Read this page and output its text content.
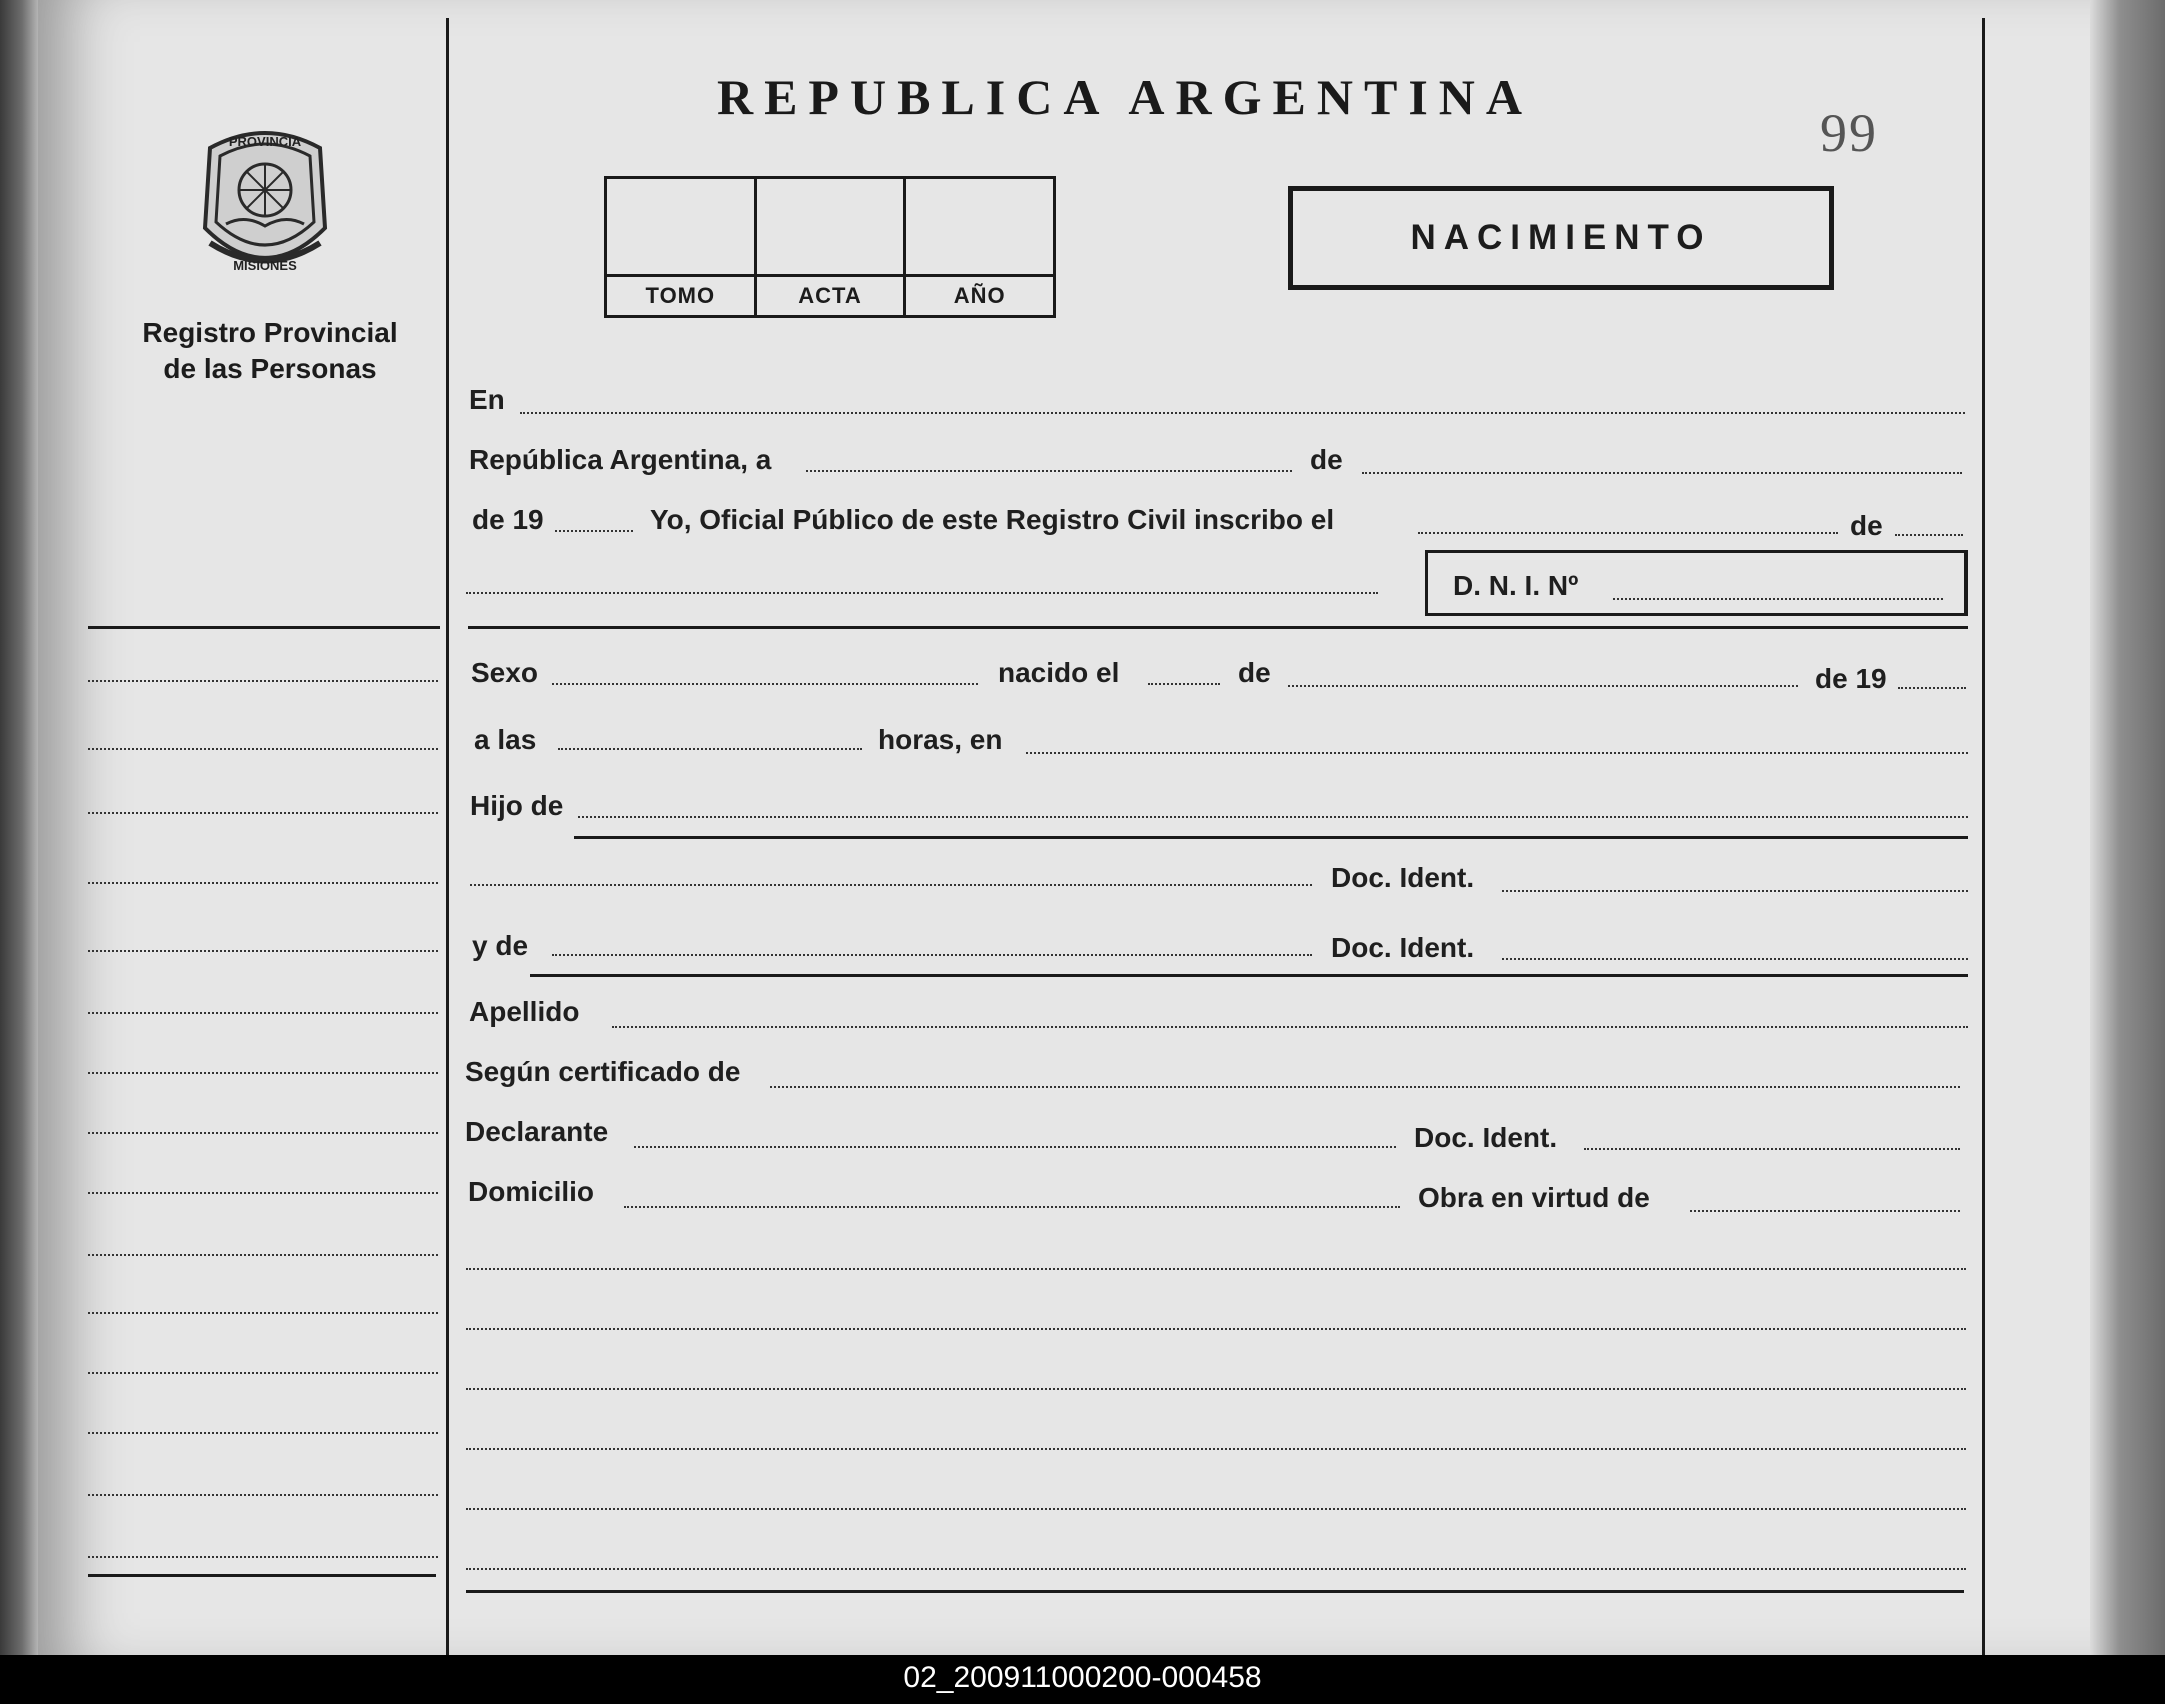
REPUBLICA ARGENTINA
99
TOMO	ACTA	AÑO
NACIMIENTO
PROVINCIA
MISIONES
Registro Provincial
de las Personas
En
República Argentina, a	de
de 19	Yo, Oficial Público de este Registro Civil inscribo el	de
D. N. I. Nº
Sexo	nacido el	de	de 19
a las	horas, en
Hijo de
Doc. Ident.
y de	Doc. Ident.
Apellido
Según certificado de
Declarante	Doc. Ident.
Domicilio	Obra en virtud de
02_200911000200-000458
